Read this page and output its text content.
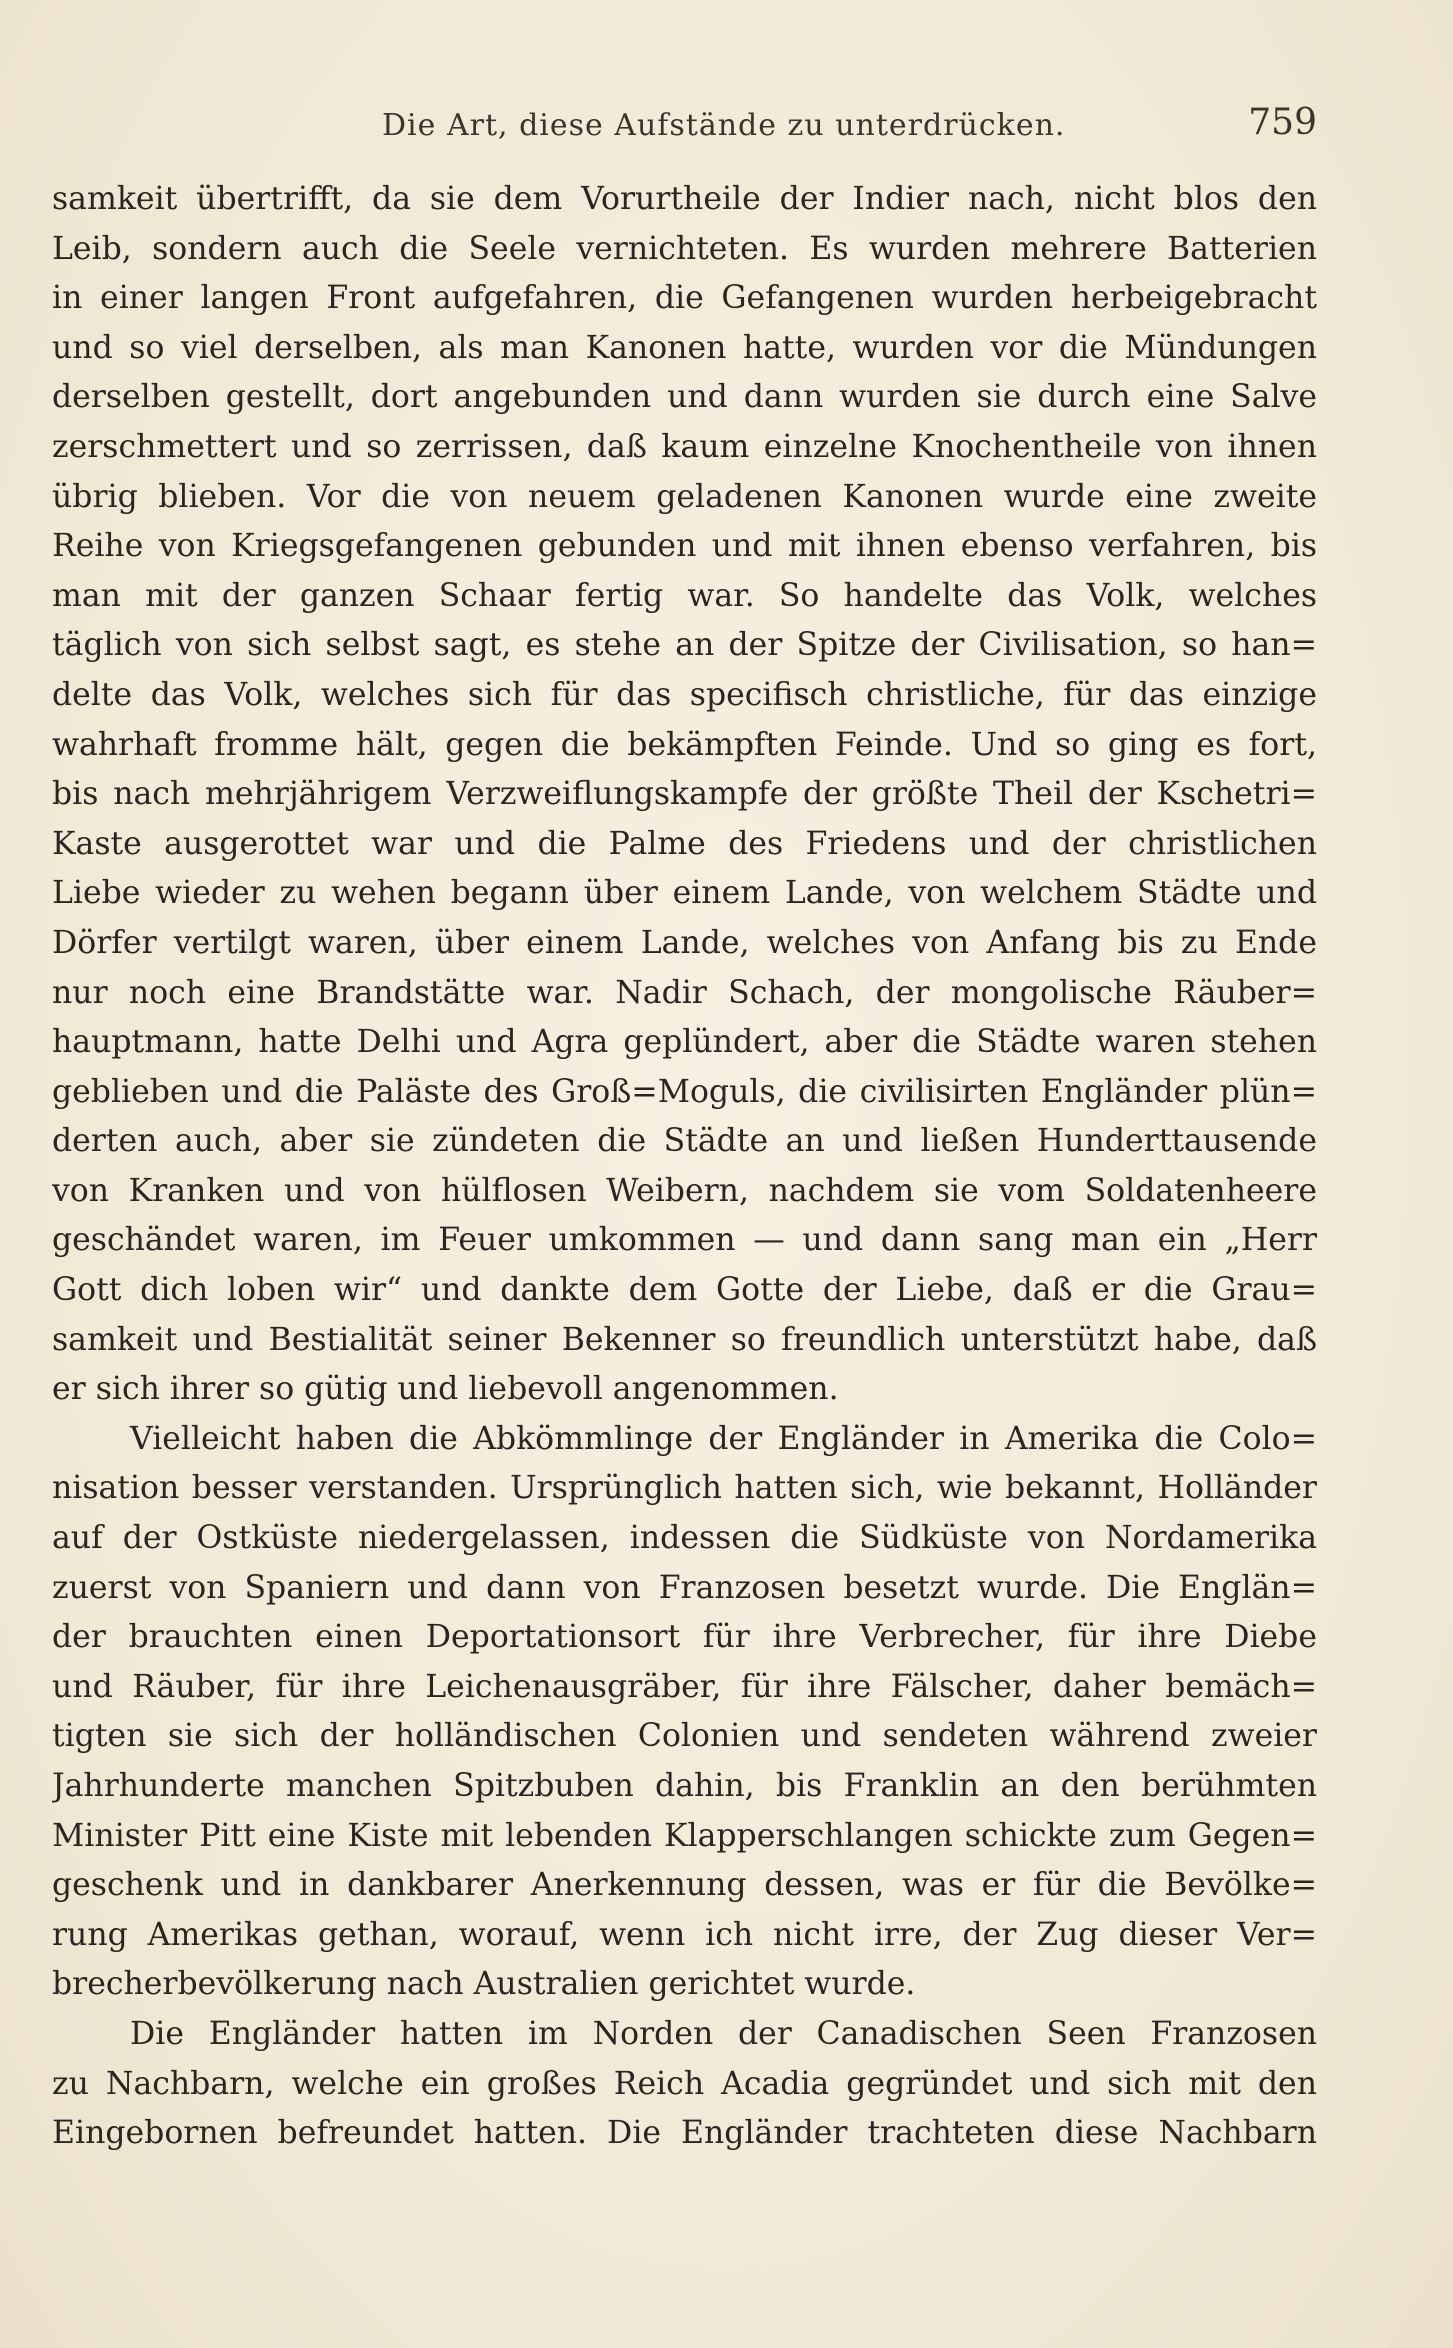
Die Art, diese Aufstände zu unterdrücken.	759
samkeit übertrifft, da sie dem Vorurtheile der Indier nach, nicht blos den
Leib, sondern auch die Seele vernichteten. Es wurden mehrere Batterien
in einer langen Front aufgefahren, die Gefangenen wurden herbeigebracht
und so viel derselben, als man Kanonen hatte, wurden vor die Mündungen
derselben gestellt, dort angebunden und dann wurden sie durch eine Salve
zerschmettert und so zerrissen, daß kaum einzelne Knochentheile von ihnen
übrig blieben. Vor die von neuem geladenen Kanonen wurde eine zweite
Reihe von Kriegsgefangenen gebunden und mit ihnen ebenso verfahren, bis
man mit der ganzen Schaar fertig war. So handelte das Volk, welches
täglich von sich selbst sagt, es stehe an der Spitze der Civilisation, so han=
delte das Volk, welches sich für das specifisch christliche, für das einzige
wahrhaft fromme hält, gegen die bekämpften Feinde. Und so ging es fort,
bis nach mehrjährigem Verzweiflungskampfe der größte Theil der Kschetri=
Kaste ausgerottet war und die Palme des Friedens und der christlichen
Liebe wieder zu wehen begann über einem Lande, von welchem Städte und
Dörfer vertilgt waren, über einem Lande, welches von Anfang bis zu Ende
nur noch eine Brandstätte war. Nadir Schach, der mongolische Räuber=
hauptmann, hatte Delhi und Agra geplündert, aber die Städte waren stehen
geblieben und die Paläste des Groß=Moguls, die civilisirten Engländer plün=
derten auch, aber sie zündeten die Städte an und ließen Hunderttausende
von Kranken und von hülflosen Weibern, nachdem sie vom Soldatenheere
geschändet waren, im Feuer umkommen — und dann sang man ein „Herr
Gott dich loben wir“ und dankte dem Gotte der Liebe, daß er die Grau=
samkeit und Bestialität seiner Bekenner so freundlich unterstützt habe, daß
er sich ihrer so gütig und liebevoll angenommen.
Vielleicht haben die Abkömmlinge der Engländer in Amerika die Colo=
nisation besser verstanden. Ursprünglich hatten sich, wie bekannt, Holländer
auf der Ostküste niedergelassen, indessen die Südküste von Nordamerika
zuerst von Spaniern und dann von Franzosen besetzt wurde. Die Englän=
der brauchten einen Deportationsort für ihre Verbrecher, für ihre Diebe
und Räuber, für ihre Leichenausgräber, für ihre Fälscher, daher bemäch=
tigten sie sich der holländischen Colonien und sendeten während zweier
Jahrhunderte manchen Spitzbuben dahin, bis Franklin an den berühmten
Minister Pitt eine Kiste mit lebenden Klapperschlangen schickte zum Gegen=
geschenk und in dankbarer Anerkennung dessen, was er für die Bevölke=
rung Amerikas gethan, worauf, wenn ich nicht irre, der Zug dieser Ver=
brecherbevölkerung nach Australien gerichtet wurde.
Die Engländer hatten im Norden der Canadischen Seen Franzosen
zu Nachbarn, welche ein großes Reich Acadia gegründet und sich mit den
Eingebornen befreundet hatten. Die Engländer trachteten diese Nachbarn
